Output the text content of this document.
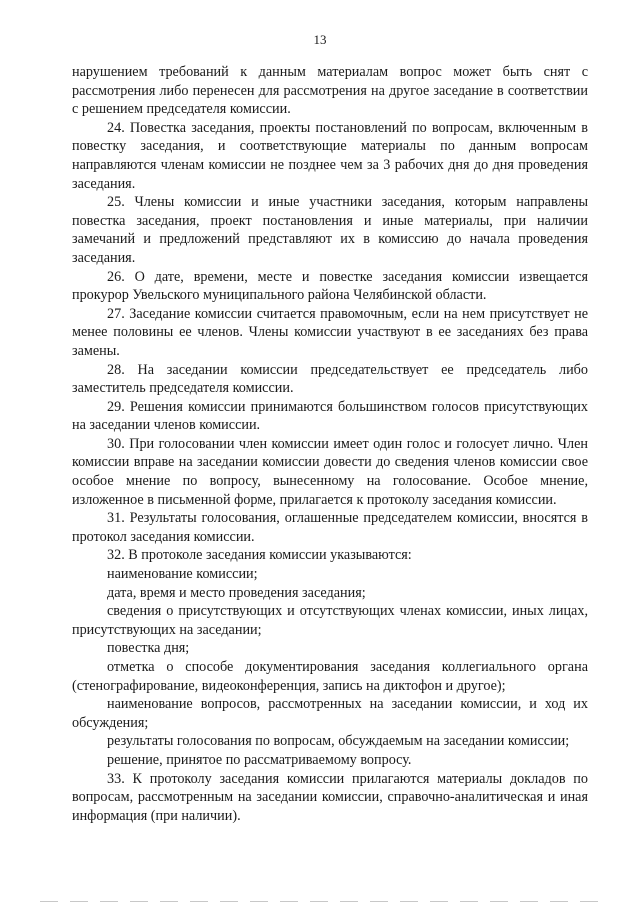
13

нарушением требований к данным материалам вопрос может быть снят с рассмотрения либо перенесен для рассмотрения на другое заседание в соответствии с решением председателя комиссии.

24. Повестка заседания, проекты постановлений по вопросам, включенным в повестку заседания, и соответствующие материалы по данным вопросам направляются членам комиссии не позднее чем за 3 рабочих дня до дня проведения заседания.

25. Члены комиссии и иные участники заседания, которым направлены повестка заседания, проект постановления и иные материалы, при наличии замечаний и предложений представляют их в комиссию до начала проведения заседания.

26. О дате, времени, месте и повестке заседания комиссии извещается прокурор Увельского муниципального района Челябинской области.

27. Заседание комиссии считается правомочным, если на нем присутствует не менее половины ее членов. Члены комиссии участвуют в ее заседаниях без права замены.

28. На заседании комиссии председательствует ее председатель либо заместитель председателя комиссии.

29. Решения комиссии принимаются большинством голосов присутствующих на заседании членов комиссии.

30. При голосовании член комиссии имеет один голос и голосует лично. Член комиссии вправе на заседании комиссии довести до сведения членов комиссии свое особое мнение по вопросу, вынесенному на голосование. Особое мнение, изложенное в письменной форме, прилагается к протоколу заседания комиссии.

31. Результаты голосования, оглашенные председателем комиссии, вносятся в протокол заседания комиссии.

32. В протоколе заседания комиссии указываются:

наименование комиссии;

дата, время и место проведения заседания;

сведения о присутствующих и отсутствующих членах комиссии, иных лицах, присутствующих на заседании;

повестка дня;

отметка о способе документирования заседания коллегиального органа (стенографирование, видеоконференция, запись на диктофон и другое);

наименование вопросов, рассмотренных на заседании комиссии, и ход их обсуждения;

результаты голосования по вопросам, обсуждаемым на заседании комиссии;

решение, принятое по рассматриваемому вопросу.

33. К протоколу заседания комиссии прилагаются материалы докладов по вопросам, рассмотренным на заседании комиссии, справочно-аналитическая и иная информация (при наличии).
